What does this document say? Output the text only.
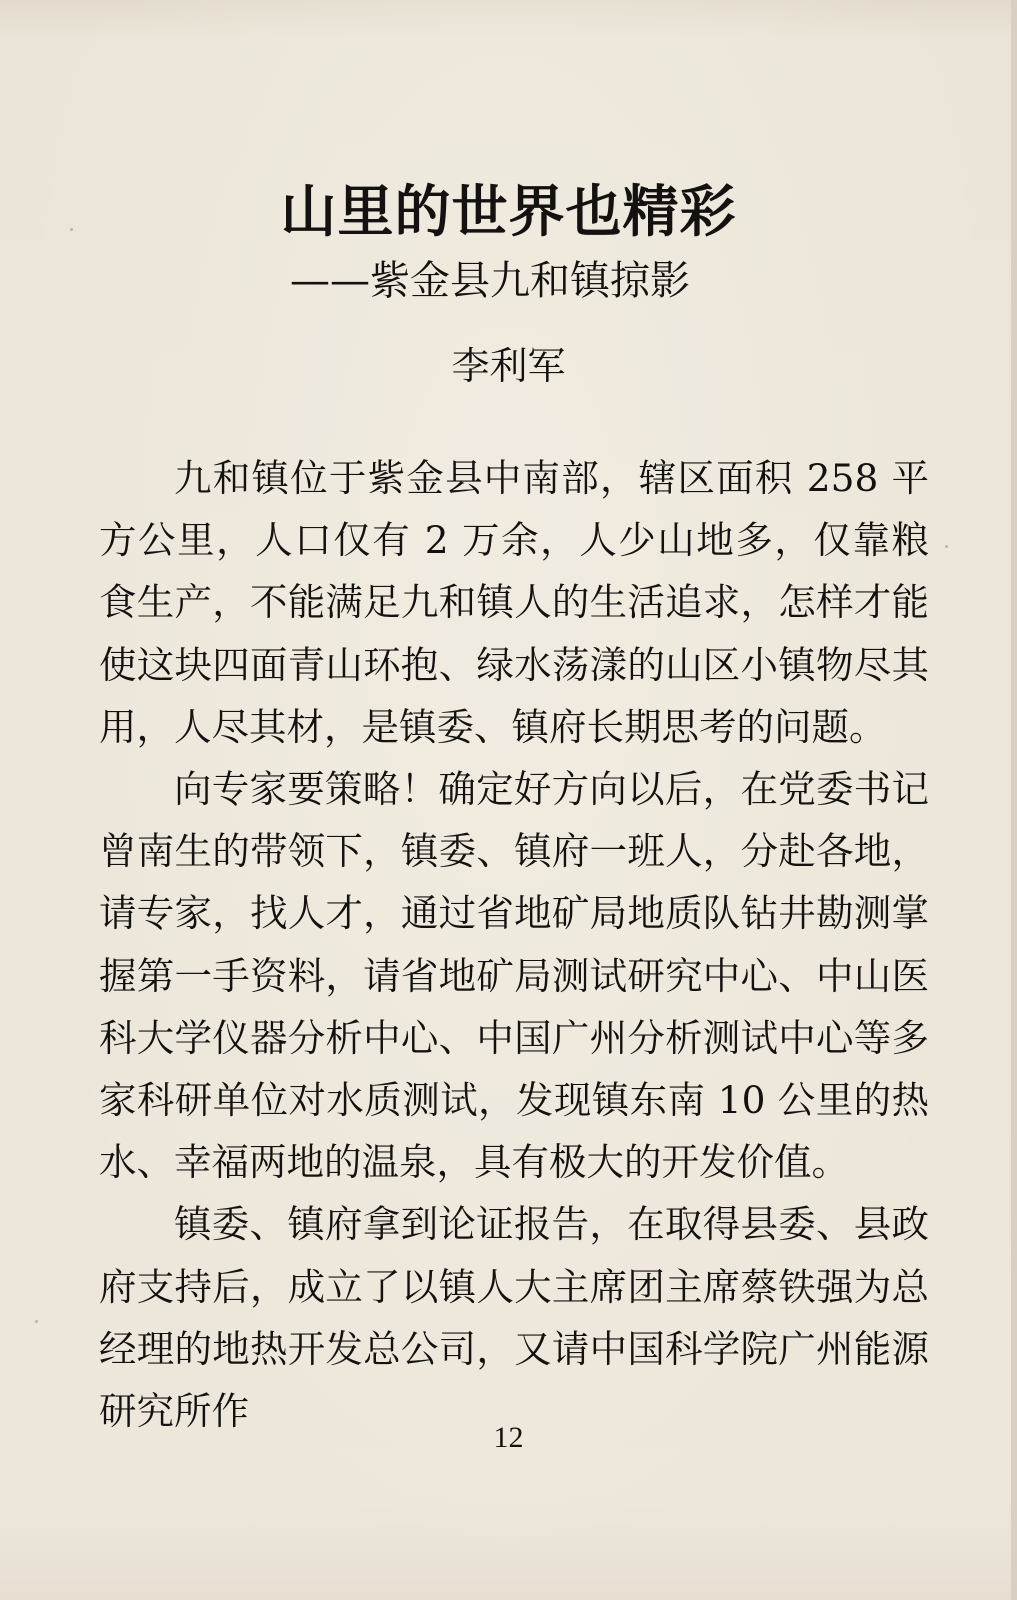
山里的世界也精彩
——紫金县九和镇掠影
李利军

九和镇位于紫金县中南部，辖区面积 258 平方公里，人口仅有 2 万余，人少山地多，仅靠粮食生产，不能满足九和镇人的生活追求，怎样才能使这块四面青山环抱、绿水荡漾的山区小镇物尽其用，人尽其材，是镇委、镇府长期思考的问题。

向专家要策略！确定好方向以后，在党委书记曾南生的带领下，镇委、镇府一班人，分赴各地，请专家，找人才，通过省地矿局地质队钻井勘测掌握第一手资料，请省地矿局测试研究中心、中山医科大学仪器分析中心、中国广州分析测试中心等多家科研单位对水质测试，发现镇东南 10 公里的热水、幸福两地的温泉，具有极大的开发价值。

镇委、镇府拿到论证报告，在取得县委、县政府支持后，成立了以镇人大主席团主席蔡铁强为总经理的地热开发总公司，又请中国科学院广州能源研究所作

12
